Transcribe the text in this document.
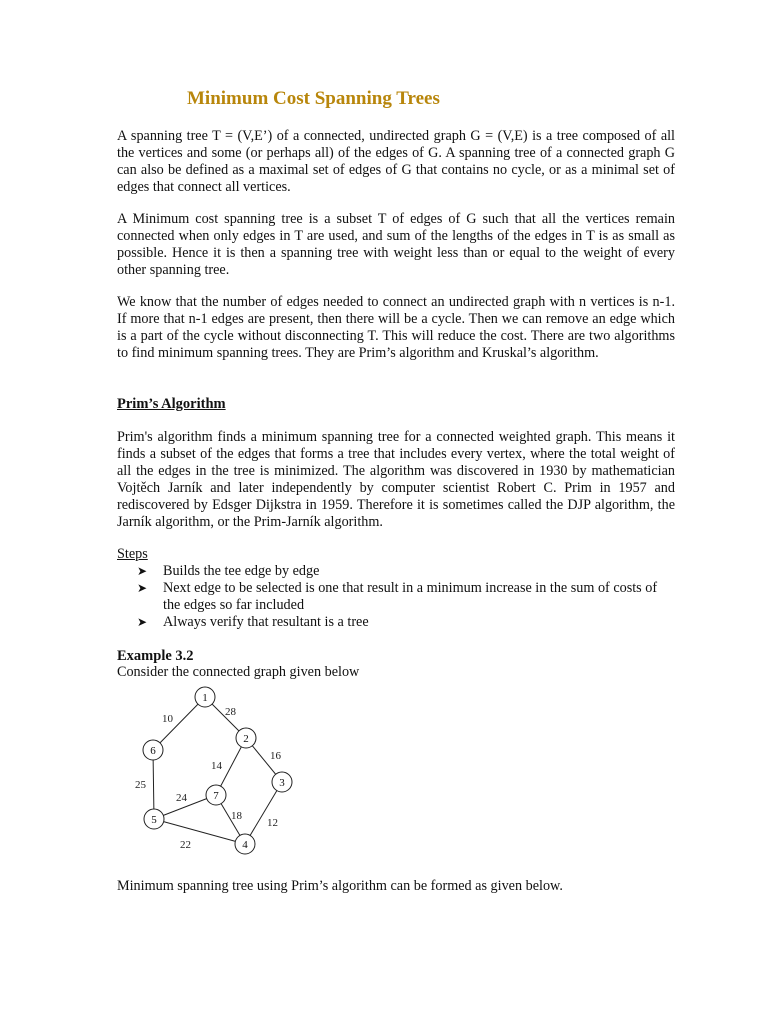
Minimum Cost Spanning Trees

A spanning tree T = (V,E’) of a connected, undirected graph G = (V,E) is a tree composed of all the vertices and some (or perhaps all) of the edges of G. A spanning tree of a connected graph G can also be defined as a maximal set of edges of G that contains no cycle, or as a minimal set of edges that connect all vertices.

A Minimum cost spanning tree is a subset T of edges of G such that all the vertices remain connected when only edges in T are used, and sum of the lengths of the edges in T is as small as possible. Hence it is then a spanning tree with weight less than or equal to the weight of every other spanning tree.

We know that the number of edges needed to connect an undirected graph with n vertices is n-1. If more that n-1 edges are present, then there will be a cycle. Then we can remove an edge which is a part of the cycle without disconnecting T. This will reduce the cost. There are two algorithms to find minimum spanning trees. They are Prim’s algorithm and Kruskal’s algorithm.

Prim’s Algorithm

Prim's algorithm finds a minimum spanning tree for a connected weighted graph. This means it finds a subset of the edges that forms a tree that includes every vertex, where the total weight of all the edges in the tree is minimized. The algorithm was discovered in 1930 by mathematician Vojtěch Jarník and later independently by computer scientist Robert C. Prim in 1957 and rediscovered by Edsger Dijkstra in 1959. Therefore it is sometimes called the DJP algorithm, the Jarník algorithm, or the Prim-Jarník algorithm.

Steps

➤ Builds the tee edge by edge
➤ Next edge to be selected is one that result in a minimum increase in the sum of costs of the edges so far included
➤ Always verify that resultant is a tree

Example 3.2

Consider the connected graph given below

10
28
16
14
25
24
18
12
22
1
2
3
4
5
6
7

Minimum spanning tree using Prim’s algorithm can be formed as given below.
